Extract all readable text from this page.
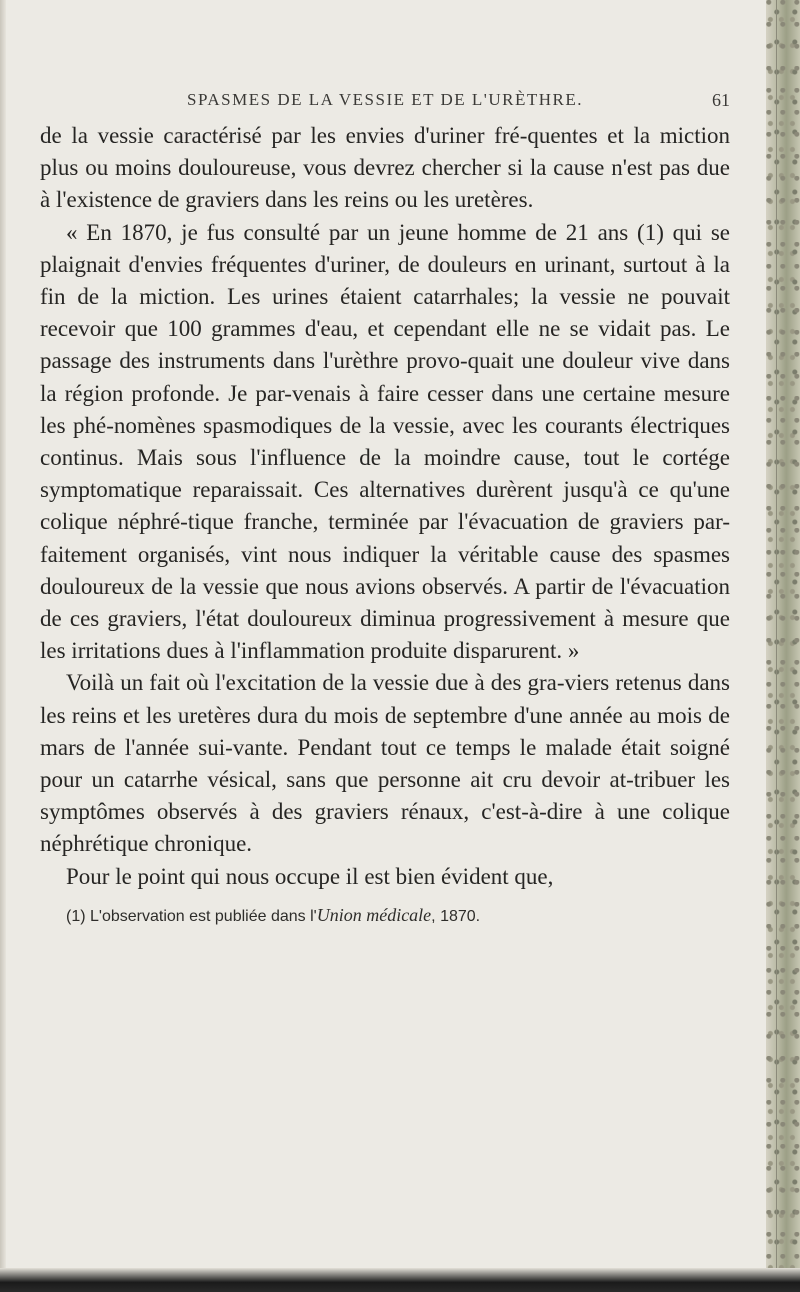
SPASMES DE LA VESSIE ET DE L'URÈTHRE.	61

de la vessie caractérisé par les envies d'uriner fré-quentes et la miction plus ou moins douloureuse, vous devrez chercher si la cause n'est pas due à l'existence de graviers dans les reins ou les uretères.

« En 1870, je fus consulté par un jeune homme de 21 ans (1) qui se plaignait d'envies fréquentes d'uriner, de douleurs en urinant, surtout à la fin de la miction. Les urines étaient catarrhales; la vessie ne pouvait recevoir que 100 grammes d'eau, et cependant elle ne se vidait pas. Le passage des instruments dans l'urèthre provo-quait une douleur vive dans la région profonde. Je par-venais à faire cesser dans une certaine mesure les phé-nomènes spasmodiques de la vessie, avec les courants électriques continus. Mais sous l'influence de la moindre cause, tout le cortége symptomatique reparaissait. Ces alternatives durèrent jusqu'à ce qu'une colique néphré-tique franche, terminée par l'évacuation de graviers par-faitement organisés, vint nous indiquer la véritable cause des spasmes douloureux de la vessie que nous avions observés. A partir de l'évacuation de ces graviers, l'état douloureux diminua progressivement à mesure que les irritations dues à l'inflammation produite disparurent. »

Voilà un fait où l'excitation de la vessie due à des gra-viers retenus dans les reins et les uretères dura du mois de septembre d'une année au mois de mars de l'année sui-vante. Pendant tout ce temps le malade était soigné pour un catarrhe vésical, sans que personne ait cru devoir at-tribuer les symptômes observés à des graviers rénaux, c'est-à-dire à une colique néphrétique chronique.

Pour le point qui nous occupe il est bien évident que,

(1) L'observation est publiée dans l'Union médicale, 1870.
